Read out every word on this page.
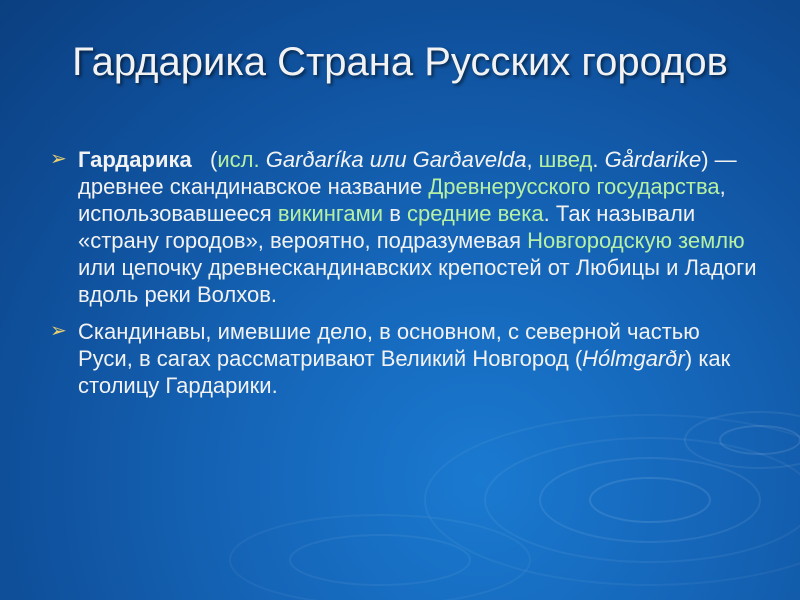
Гардарика Страна Русских городов
➢ Гардарика   (исл. Garðaríka или Garðavelda, швед. Gårdarike) — древнее скандинавское название Древнерусского государства, использовавшееся викингами в средние века. Так называли «страну городов», вероятно, подразумевая Новгородскую землю или цепочку древнескандинавских крепостей от Любицы и Ладоги вдоль реки Волхов.
➢ Скандинавы, имевшие дело, в основном, с северной частью Руси, в сагах рассматривают Великий Новгород (Hólmgarðr) как столицу Гардарики.
